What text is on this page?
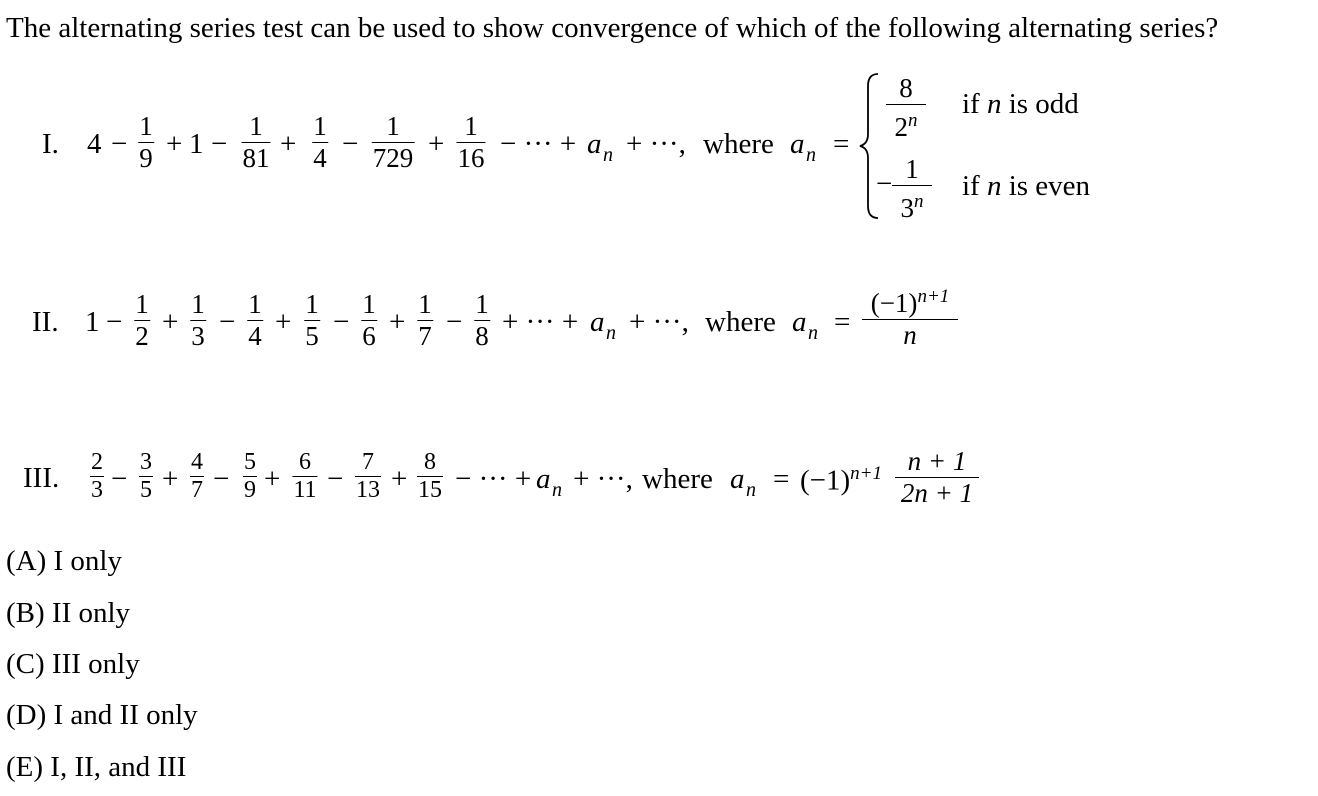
The alternating series test can be used to show convergence of which of the following alternating series?
I. 4 −
1
9 + 1 −
1
81 +
1
4 −
1
729 +
1
16 − ··· + a n + ···, where a n =
8
2$^n$
if n is odd
− 1
3$^n$ if n is even
II. 1 −
1
2 +
1
3 −
1
4 +
1
5 −
1
6 +
1
7 −
1
8 + ··· + a n + ···, where a n =
$(-1)^{n+1}$
n
III. 2
3 −
3
5 +
4
7 −
5
9 +
6
11 −
7
13 +
8
15 − ··· + a n + ···, where a $n = (-1)^{n+1}$ n + 1
2n + 1
(A) I only
(B) II only
(C) III only
(D) I and II only
(E) I, II, and III
